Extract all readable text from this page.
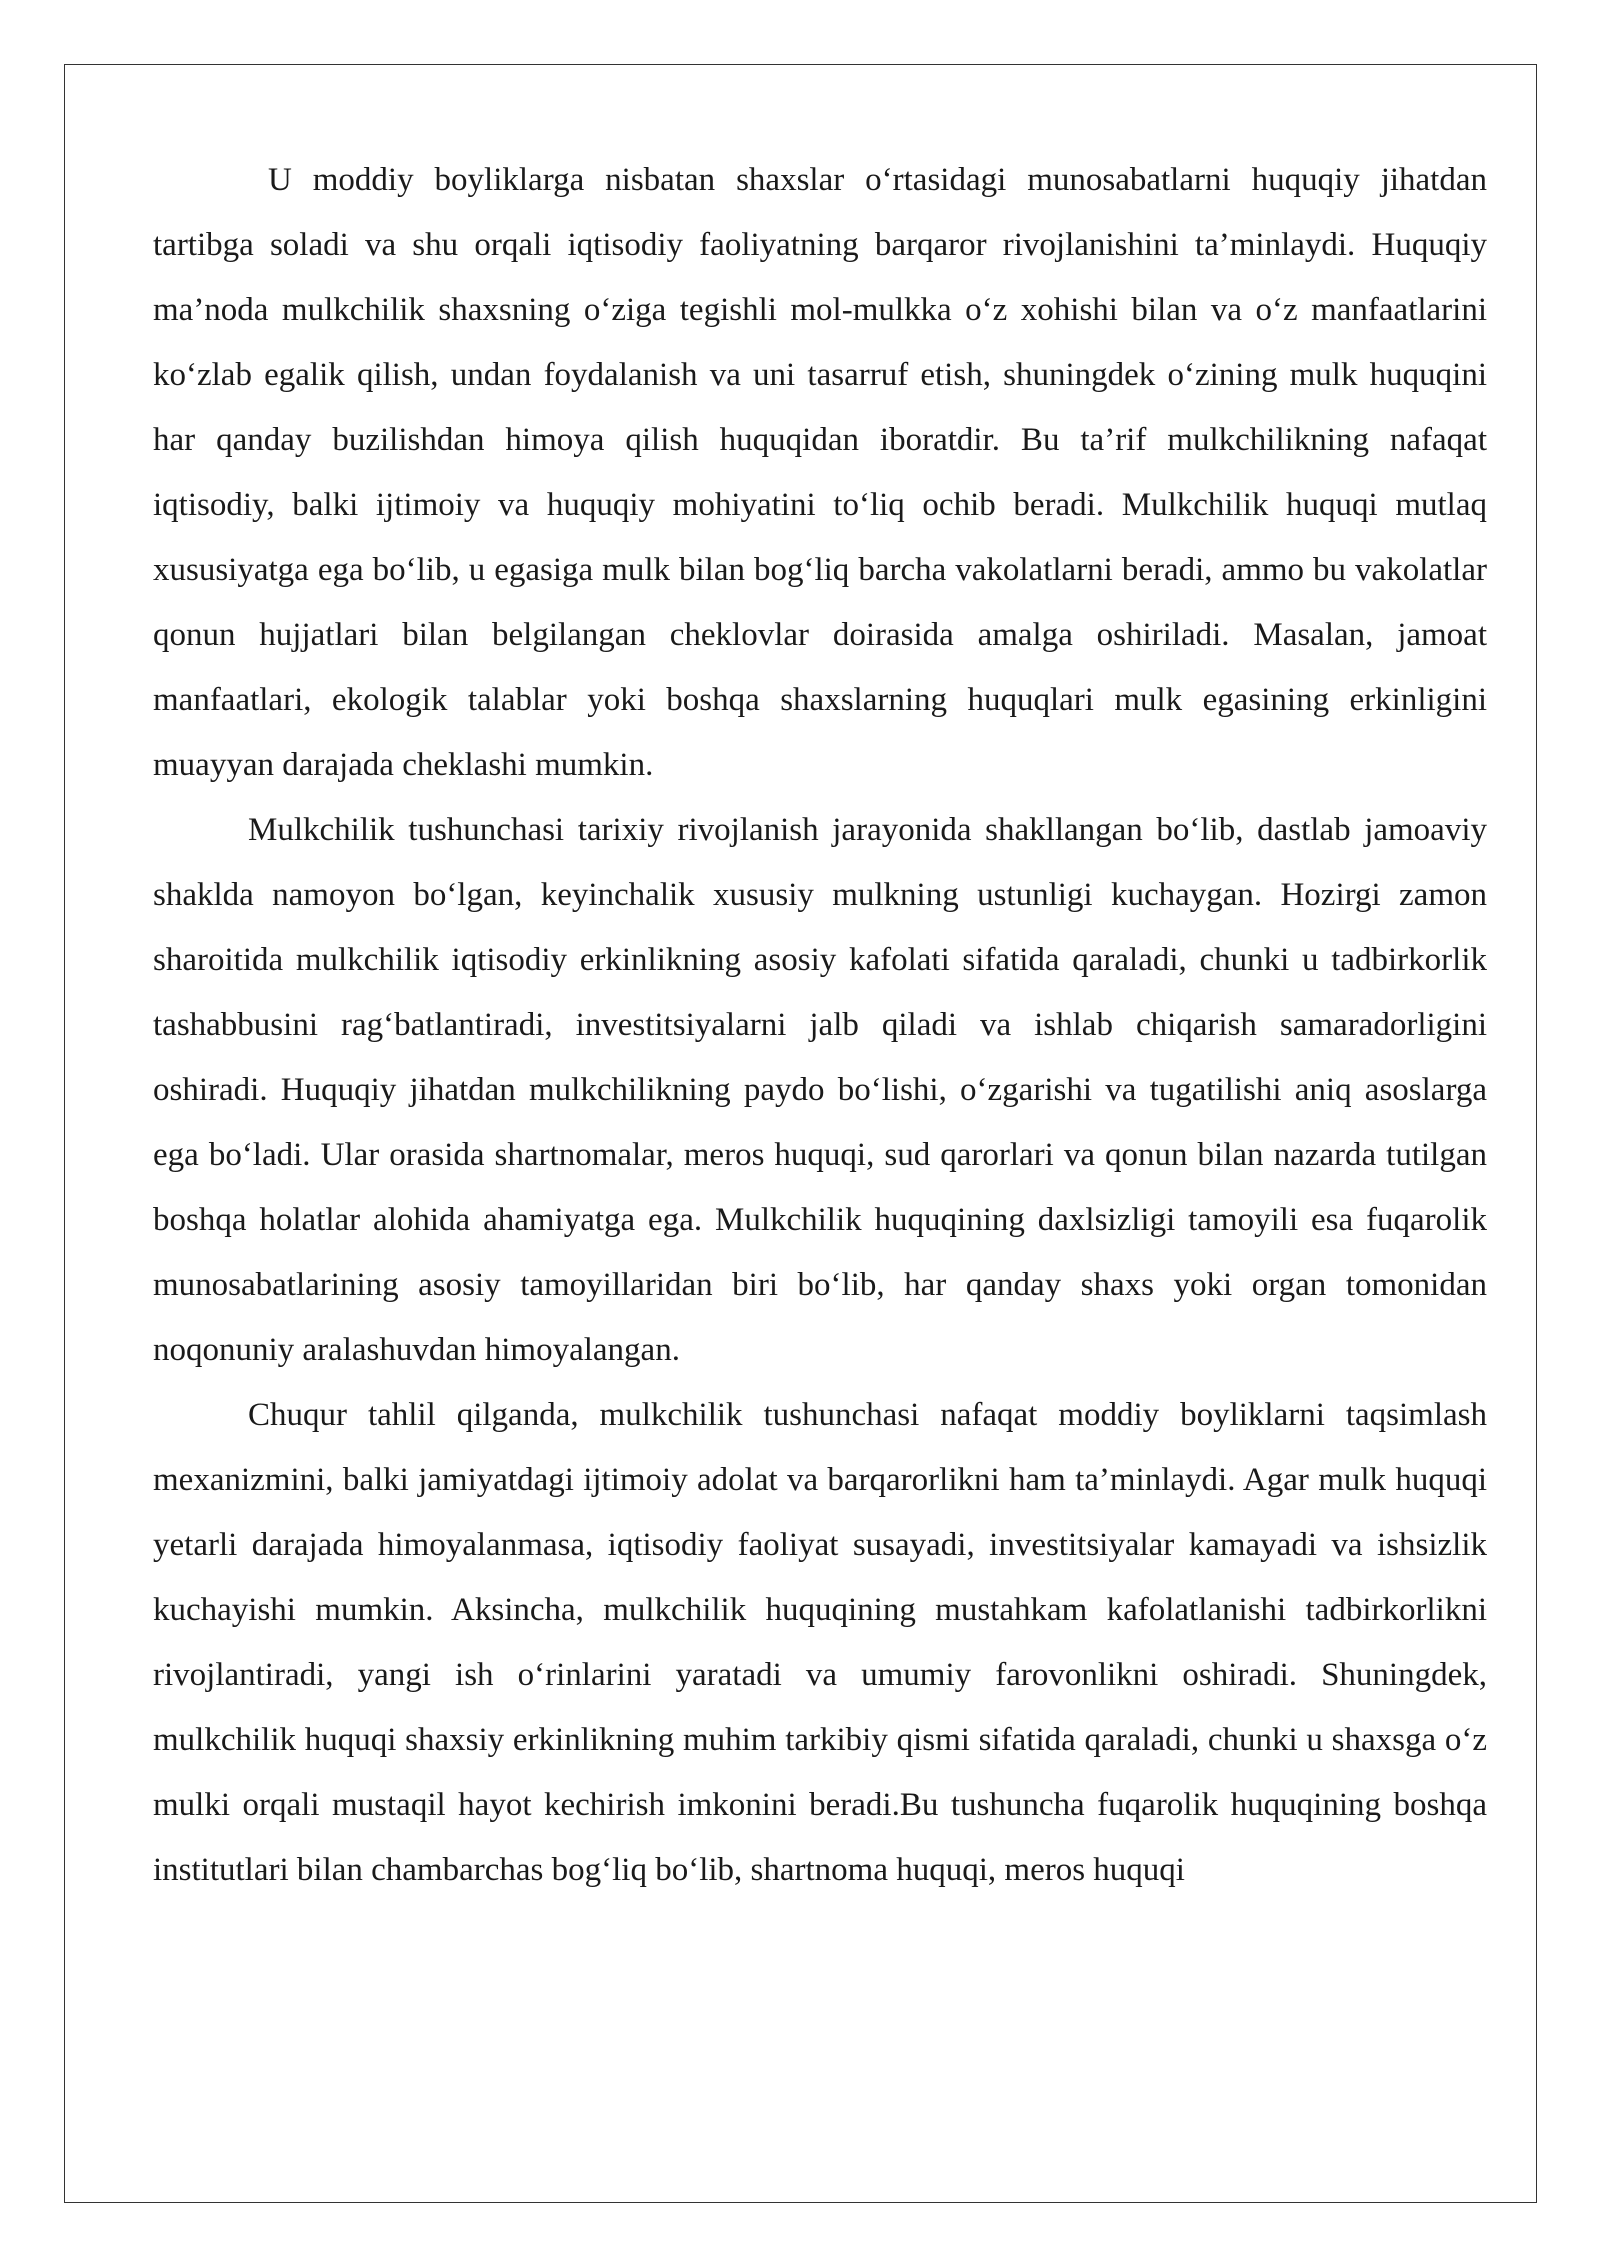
U moddiy boyliklarga nisbatan shaxslar oʻrtasidagi munosabatlarni huquqiy jihatdan tartibga soladi va shu orqali iqtisodiy faoliyatning barqaror rivojlanishini ta’minlaydi. Huquqiy ma’noda mulkchilik shaxsning oʻziga tegishli mol-mulkka oʻz xohishi bilan va oʻz manfaatlarini koʻzlab egalik qilish, undan foydalanish va uni tasarruf etish, shuningdek oʻzining mulk huquqini har qanday buzilishdan himoya qilish huquqidan iboratdir. Bu ta’rif mulkchilikning nafaqat iqtisodiy, balki ijtimoiy va huquqiy mohiyatini toʻliq ochib beradi. Mulkchilik huquqi mutlaq xususiyatga ega boʻlib, u egasiga mulk bilan bogʻliq barcha vakolatlarni beradi, ammo bu vakolatlar qonun hujjatlari bilan belgilangan cheklovlar doirasida amalga oshiriladi. Masalan, jamoat manfaatlari, ekologik talablar yoki boshqa shaxslarning huquqlari mulk egasining erkinligini muayyan darajada cheklashi mumkin.

Mulkchilik tushunchasi tarixiy rivojlanish jarayonida shakllangan boʻlib, dastlab jamoaviy shaklda namoyon boʻlgan, keyinchalik xususiy mulkning ustunligi kuchaygan. Hozirgi zamon sharoitida mulkchilik iqtisodiy erkinlikning asosiy kafolati sifatida qaraladi, chunki u tadbirkorlik tashabbusini ragʻbatlantiradi, investitsiyalarni jalb qiladi va ishlab chiqarish samaradorligini oshiradi. Huquqiy jihatdan mulkchilikning paydo boʻlishi, oʻzgarishi va tugatilishi aniq asoslarga ega boʻladi. Ular orasida shartnomalar, meros huquqi, sud qarorlari va qonun bilan nazarda tutilgan boshqa holatlar alohida ahamiyatga ega. Mulkchilik huquqining daxlsizligi tamoyili esa fuqarolik munosabatlarining asosiy tamoyillaridan biri boʻlib, har qanday shaxs yoki organ tomonidan noqonuniy aralashuvdan himoyalangan.

Chuqur tahlil qilganda, mulkchilik tushunchasi nafaqat moddiy boyliklarni taqsimlash mexanizmini, balki jamiyatdagi ijtimoiy adolat va barqarorlikni ham ta’minlaydi. Agar mulk huquqi yetarli darajada himoyalanmasa, iqtisodiy faoliyat susayadi, investitsiyalar kamayadi va ishsizlik kuchayishi mumkin. Aksincha, mulkchilik huquqining mustahkam kafolatlanishi tadbirkorlikni rivojlantiradi, yangi ish oʻrinlarini yaratadi va umumiy farovonlikni oshiradi. Shuningdek, mulkchilik huquqi shaxsiy erkinlikning muhim tarkibiy qismi sifatida qaraladi, chunki u shaxsga oʻz mulki orqali mustaqil hayot kechirish imkonini beradi.Bu tushuncha fuqarolik huquqining boshqa institutlari bilan chambarchas bogʻliq boʻlib, shartnoma huquqi, meros huquqi
